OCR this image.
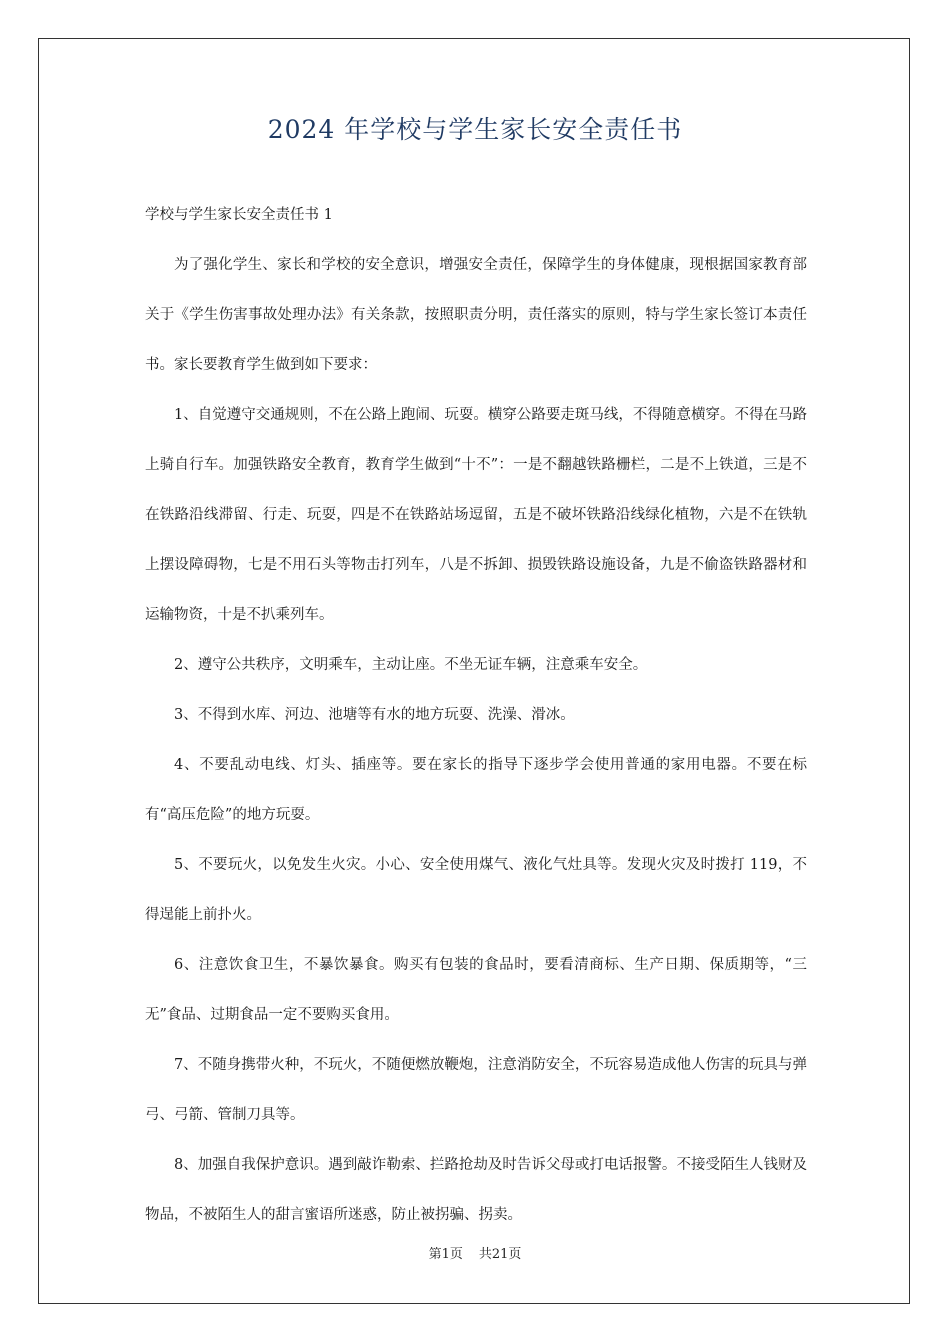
2024 年学校与学生家长安全责任书

学校与学生家长安全责任书 1

为了强化学生、家长和学校的安全意识，增强安全责任，保障学生的身体健康，现根据国家教育部关于《学生伤害事故处理办法》有关条款，按照职责分明，责任落实的原则，特与学生家长签订本责任书。家长要教育学生做到如下要求：

1、自觉遵守交通规则，不在公路上跑闹、玩耍。横穿公路要走斑马线，不得随意横穿。不得在马路上骑自行车。加强铁路安全教育，教育学生做到“十不”：一是不翻越铁路栅栏，二是不上铁道，三是不在铁路沿线滞留、行走、玩耍，四是不在铁路站场逗留，五是不破坏铁路沿线绿化植物，六是不在铁轨上摆设障碍物，七是不用石头等物击打列车，八是不拆卸、损毁铁路设施设备，九是不偷盗铁路器材和运输物资，十是不扒乘列车。

2、遵守公共秩序，文明乘车，主动让座。不坐无证车辆，注意乘车安全。

3、不得到水库、河边、池塘等有水的地方玩耍、洗澡、滑冰。

4、不要乱动电线、灯头、插座等。要在家长的指导下逐步学会使用普通的家用电器。不要在标有“高压危险”的地方玩耍。

5、不要玩火，以免发生火灾。小心、安全使用煤气、液化气灶具等。发现火灾及时拨打 119，不得逞能上前扑火。

6、注意饮食卫生，不暴饮暴食。购买有包装的食品时，要看清商标、生产日期、保质期等，“三无”食品、过期食品一定不要购买食用。

7、不随身携带火种，不玩火，不随便燃放鞭炮，注意消防安全，不玩容易造成他人伤害的玩具与弹弓、弓箭、管制刀具等。

8、加强自我保护意识。遇到敲诈勒索、拦路抢劫及时告诉父母或打电话报警。不接受陌生人钱财及物品，不被陌生人的甜言蜜语所迷惑，防止被拐骗、拐卖。

第1页 共21页
